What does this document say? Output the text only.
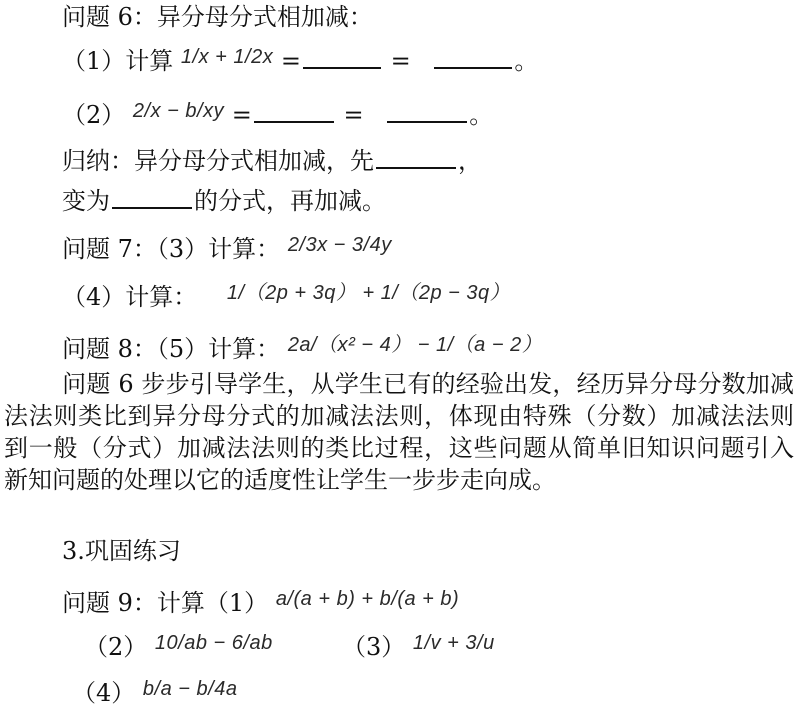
问题 6：异分母分式相加减：
（1）计算 $^{1/x + 1/2x}$ =	=	。
（2） $^{2/x - b/xy}$ =	=	。
归纳：异分母分式相加减，先	，
变为	的分式，再加减。
问题 7：（3）计算： $^{2/3x - 3/4y}$
（4）计算： $^{1/(2p + 3q) + 1/(2p - 3q)}$
问题 8：（5）计算： $^{2a/(x^2 - 4) - 1/(a - 2)}$
问题 6 步步引导学生，从学生已有的经验出发，经历异分母分数加减法法则类比到异分母分式的加减法法则，体现由特殊（分数）加减法法则到一般（分式）加减法法则的类比过程，这些问题从简单旧知识问题引入新知问题的处理以它的适度性让学生一步步走向成。
3.巩固练习
问题 9：计算（1） $^{a/(a + b) + b/(a + b)}$
（2） $^{10/ab - 6/ab}$	（3） $^{1/v + 3/u}$
（4） $^{b/a - b/4a}$
